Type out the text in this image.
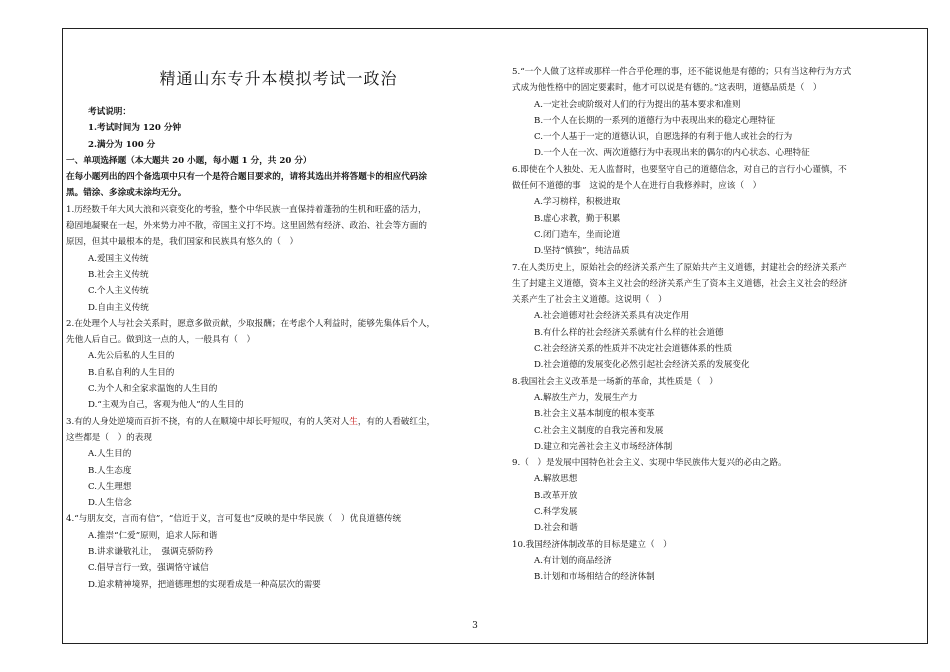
精通山东专升本模拟考试一政治
考试说明：
1.考试时间为 120 分钟
2.满分为 100 分
一、单项选择题（本大题共 20 小题，每小题 1 分，共 20 分）
在每小题列出的四个备选项中只有一个是符合题目要求的，请将其选出并将答题卡的相应代码涂
黑。错涂、多涂或未涂均无分。
1.历经数千年大风大浪和兴衰变化的考验，整个中华民族一直保持着蓬勃的生机和旺盛的活力，
稳固地凝聚在一起，外来势力冲不散，帝国主义打不垮。这里固然有经济、政治、社会等方面的
原因，但其中最根本的是，我们国家和民族具有悠久的（　）
A.爱国主义传统
B.社会主义传统
C.个人主义传统
D.自由主义传统
2.在处理个人与社会关系时，愿意多做贡献，少取报酬；在考虑个人利益时，能够先集体后个人，
先他人后自己。做到这一点的人，一般具有（　）
A.先公后私的人生目的
B.自私自利的人生目的
C.为个人和全家求温饱的人生目的
D.“主观为自己，客观为他人”的人生目的
3.有的人身处逆境而百折不挠，有的人在顺境中却长吁短叹，有的人笑对人生，有的人看破红尘，
这些都是（　）的表现
A.人生目的
B.人生态度
C.人生理想
D.人生信念
4.“与朋友交，言而有信”，“信近于义，言可复也”反映的是中华民族（　）优良道德传统
A.推崇“仁爱”原则，追求人际和谐
B.讲求谦敬礼让，　强调克骄防矜
C.倡导言行一致，强调恪守诚信
D.追求精神境界，把道德理想的实现看成是一种高层次的需要
5.“一个人做了这样或那样一件合乎伦理的事，还不能说他是有德的；只有当这种行为方式
式成为他性格中的固定要素时，他才可以说是有德的。”这表明，道德品质是（　）
A.一定社会或阶级对人们的行为提出的基本要求和准则
B.一个人在长期的一系列的道德行为中表现出来的稳定心理特征
C.一个人基于一定的道德认识，自愿选择的有利于他人或社会的行为
D.一个人在一次、两次道德行为中表现出来的偶尔的内心状态、心理特征
6.即使在个人独处、无人监督时，也要坚守自己的道德信念，对自己的言行小心谨慎，不
做任何不道德的事　这说的是个人在进行自我修养时，应该（　）
A.学习榜样，积极进取
B.虚心求教，勤于积累
C.闭门造车，坐而论道
D.坚持“慎独”，纯洁品质
7.在人类历史上，原始社会的经济关系产生了原始共产主义道德，封建社会的经济关系产
生了封建主义道德，资本主义社会的经济关系产生了资本主义道德，社会主义社会的经济
关系产生了社会主义道德。这说明（　）
A.社会道德对社会经济关系具有决定作用
B.有什么样的社会经济关系就有什么样的社会道德
C.社会经济关系的性质并不决定社会道德体系的性质
D.社会道德的发展变化必然引起社会经济关系的发展变化
8.我国社会主义改革是一场新的革命，其性质是（　）
A.解放生产力，发展生产力
B.社会主义基本制度的根本变革
C.社会主义制度的自我完善和发展
D.建立和完善社会主义市场经济体制
9.（　）是发展中国特色社会主义、实现中华民族伟大复兴的必由之路。
A.解放思想
B.改革开放
C.科学发展
D.社会和谐
10.我国经济体制改革的目标是建立（　）
A.有计划的商品经济
B.计划和市场相结合的经济体制
3
